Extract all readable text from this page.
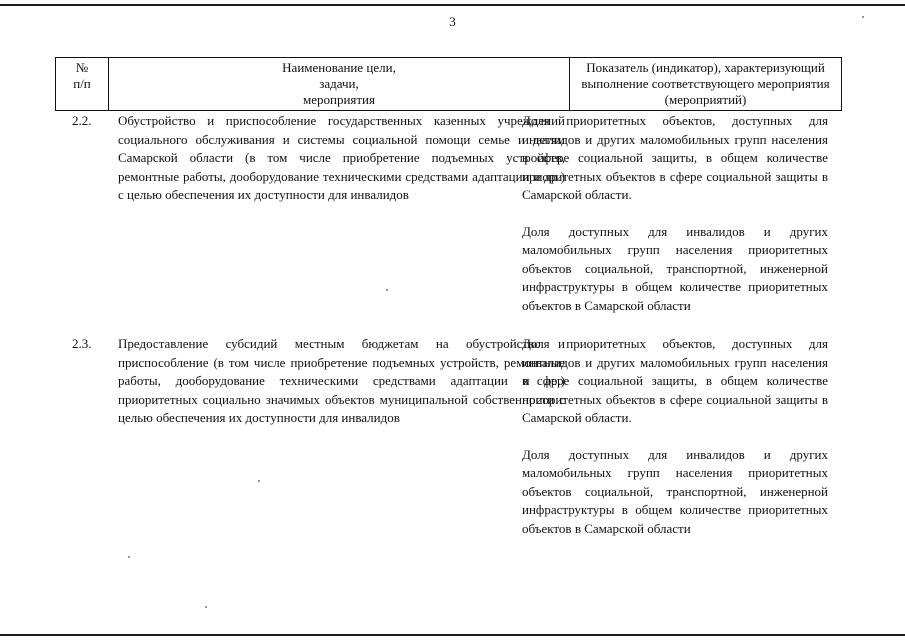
3
№
п/п
Наименование цели,
задачи,
мероприятия
Показатель (индикатор), характеризующий
выполнение соответствующего мероприятия
(мероприятий)
2.2. Обустройство и приспособление государственных казенных учреждений социального обслуживания и системы социальной помощи семье и детям Самарской области (в том числе приобретение подъемных устройств, ремонтные работы, дооборудование техническими средствами адаптации и др.) с целью обеспечения их доступности для инвалидов

Доля приоритетных объектов, доступных для инвалидов и других маломобильных групп населения в сфере социальной защиты, в общем количестве приоритетных объектов в сфере социальной защиты в Самарской области.

Доля доступных для инвалидов и других маломобильных групп населения приоритетных объектов социальной, транспортной, инженерной инфраструктуры в общем количестве приоритетных объектов в Самарской области

2.3. Предоставление субсидий местным бюджетам на обустройство и приспособление (в том числе приобретение подъемных устройств, ремонтные работы, дооборудование техническими средствами адаптации и др.) приоритетных социально значимых объектов муниципальной собственности с целью обеспечения их доступности для инвалидов

Доля приоритетных объектов, доступных для инвалидов и других маломобильных групп населения в сфере социальной защиты, в общем количестве приоритетных объектов в сфере социальной защиты в Самарской области.

Доля доступных для инвалидов и других маломобильных групп населения приоритетных объектов социальной, транспортной, инженерной инфраструктуры в общем количестве приоритетных объектов в Самарской области
